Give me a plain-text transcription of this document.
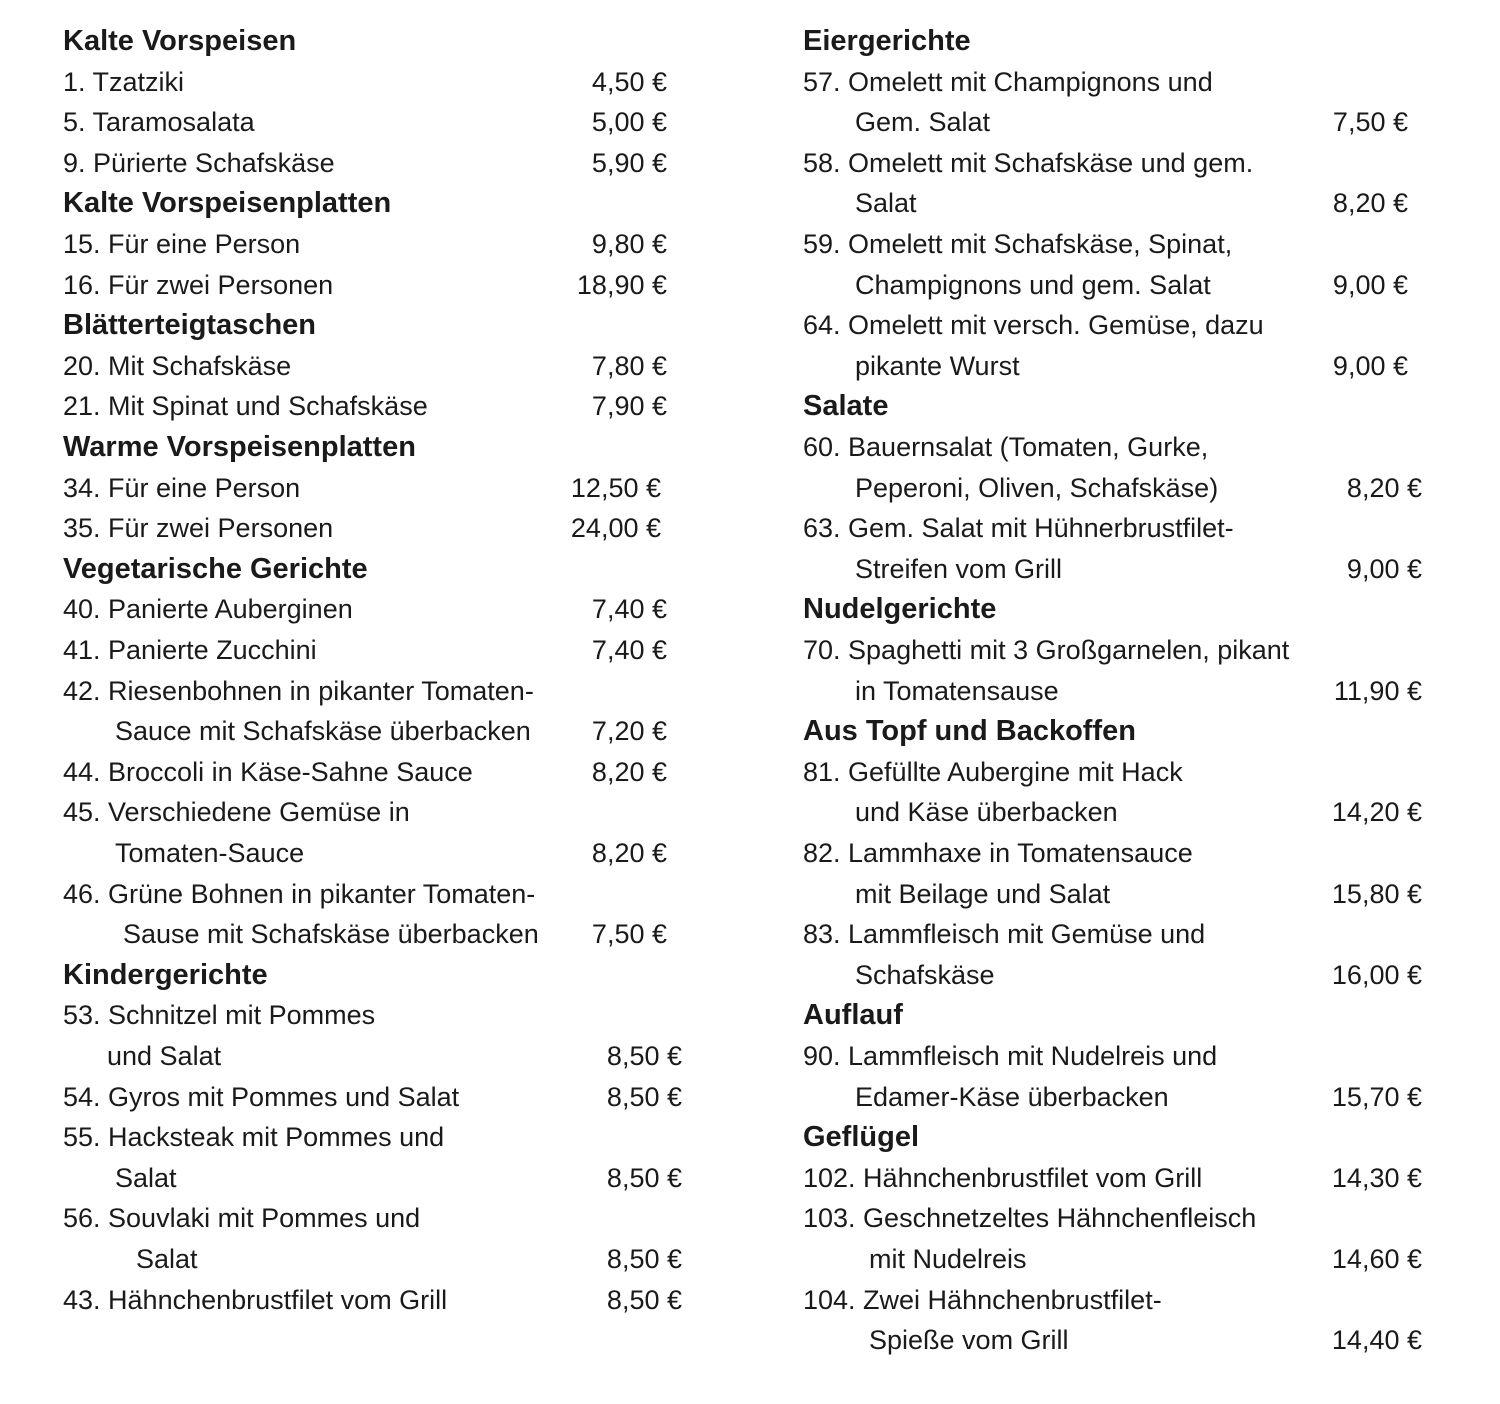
Kalte Vorspeisen
1. Tzatziki	4,50 €
5. Taramosalata	5,00 €
9. Pürierte Schafskäse	5,90 €
Kalte Vorspeisenplatten
15. Für eine Person	9,80 €
16. Für zwei Personen	18,90 €
Blätterteigtaschen
20. Mit Schafskäse	7,80 €
21. Mit Spinat und Schafskäse	7,90 €
Warme Vorspeisenplatten
34. Für eine Person	12,50 €
35. Für zwei Personen	24,00 €
Vegetarische Gerichte
40. Panierte Auberginen	7,40 €
41. Panierte Zucchini	7,40 €
42. Riesenbohnen in pikanter Tomaten-
Sauce mit Schafskäse überbacken	7,20 €
44. Broccoli in Käse-Sahne Sauce	8,20 €
45. Verschiedene Gemüse in
Tomaten-Sauce	8,20 €
46. Grüne Bohnen in pikanter Tomaten-
Sause mit Schafskäse überbacken	7,50 €
Kindergerichte
53. Schnitzel mit Pommes
und Salat	8,50 €
54. Gyros mit Pommes und Salat	8,50 €
55. Hacksteak mit Pommes und
Salat	8,50 €
56. Souvlaki mit Pommes und
Salat	8,50 €
43. Hähnchenbrustfilet vom Grill	8,50 €
Eiergerichte
57. Omelett mit Champignons und
Gem. Salat	7,50 €
58. Omelett mit Schafskäse und gem.
Salat	8,20 €
59. Omelett mit Schafskäse, Spinat,
Champignons und gem. Salat	9,00 €
64. Omelett mit versch. Gemüse, dazu
pikante Wurst	9,00 €
Salate
60. Bauernsalat (Tomaten, Gurke,
Peperoni, Oliven, Schafskäse)	8,20 €
63. Gem. Salat mit Hühnerbrustfilet-
Streifen vom Grill	9,00 €
Nudelgerichte
70. Spaghetti mit 3 Großgarnelen, pikant
in Tomatensause	11,90 €
Aus Topf und Backoffen
81. Gefüllte Aubergine mit Hack
und Käse überbacken	14,20 €
82. Lammhaxe in Tomatensauce
mit Beilage und Salat	15,80 €
83. Lammfleisch mit Gemüse und
Schafskäse	16,00 €
Auflauf
90. Lammfleisch mit Nudelreis und
Edamer-Käse überbacken	15,70 €
Geflügel
102. Hähnchenbrustfilet vom Grill	14,30 €
103. Geschnetzeltes Hähnchenfleisch
mit Nudelreis	14,60 €
104. Zwei Hähnchenbrustfilet-
Spieße vom Grill	14,40 €
